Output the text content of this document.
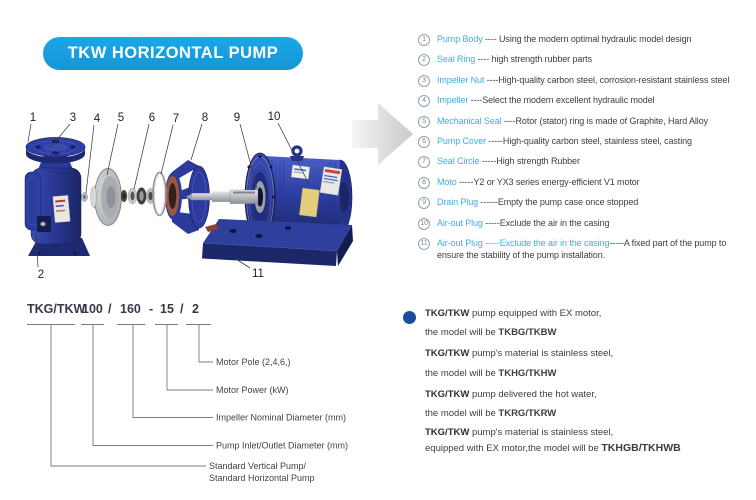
TKW HORIZONTAL PUMP
1	3 4 5 6 7 8 9 10
2	11
1	Pump Body ---- Using the modern optimal hydraulic model design
2	Seal Ring ---- high strength rubber parts
3	Impeller Nut ----High-quality carbon steel, corrosion-resistant stainless steel
4	Impeller ----Select the modern excellent hydraulic model
5	Mechanical Seal ----Rotor (stator) ring is made of Graphite, Hard Alloy
6	Pump Cover -----High-quality carbon steel, stainless steel, casting
7	Seal Circle -----High strength Rubber
8	Moto -----Y2 or YX3 series energy-efficient V1 motor
9	Drain Plug ------Empty the pump case once stopped
10 Air-out Plug -----Exclude the air in the casing
11 Air-out Plug -----Exclude the air in the casing-----A fixed part of the pump to ensure the stability of the pump installation.
TKG/TKW
100 / 160 - 15 / 2
Motor Pole (2,4,6,)
Motor Power (kW)
Impeller Nominal Diameter (mm)
Pump Inlet/Outlet Diameter (mm)
Standard Vertical Pump/
Standard Horizontal Pump
TKG/TKW pump equipped with EX motor,
the model will be TKBG/TKBW
TKG/TKW pump's material is stainless steel,
the model will be TKHG/TKHW
TKG/TKW pump delivered the hot water,
the model will be TKRG/TKRW
TKG/TKW pump's material is stainless steel,
equipped with EX motor,the model will be TKHGB/TKHWB
